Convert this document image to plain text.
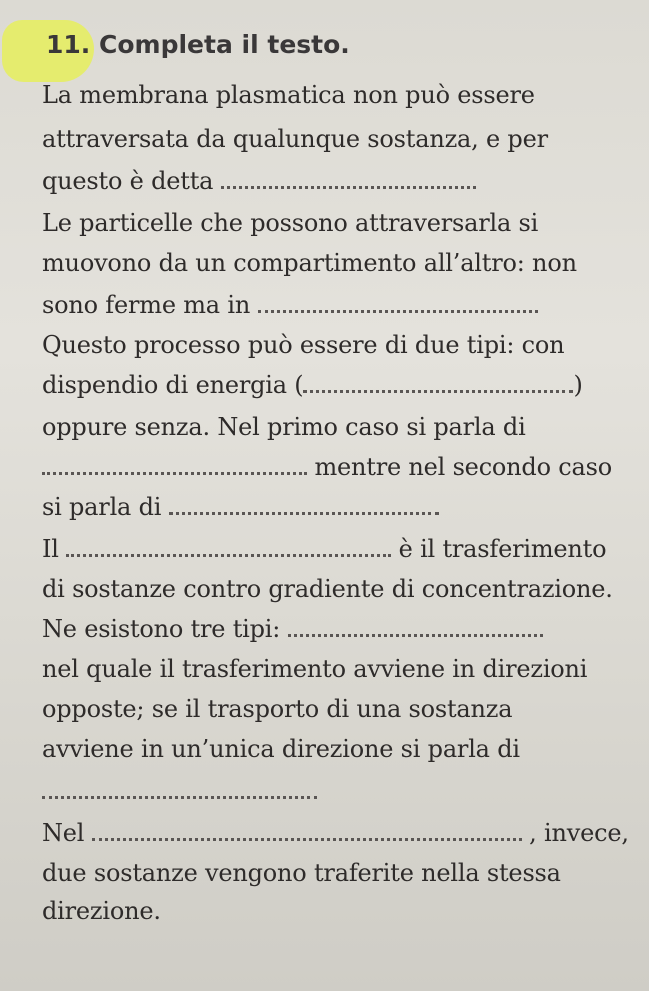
11. Completa il testo.
La membrana plasmatica non può essere
attraversata da qualunque sostanza, e per
questo è detta
Le particelle che possono attraversarla si
muovono da un compartimento all’altro: non
sono ferme ma in
Questo processo può essere di due tipi: con
dispendio di energia (	)
oppure senza. Nel primo caso si parla di
mentre nel secondo caso
si parla di
Il	è il trasferimento
di sostanze contro gradiente di concentrazione.
Ne esistono tre tipi:
nel quale il trasferimento avviene in direzioni
opposte; se il trasporto di una sostanza
avviene in un’unica direzione si parla di
Nel	, invece,
due sostanze vengono traferite nella stessa
direzione.
